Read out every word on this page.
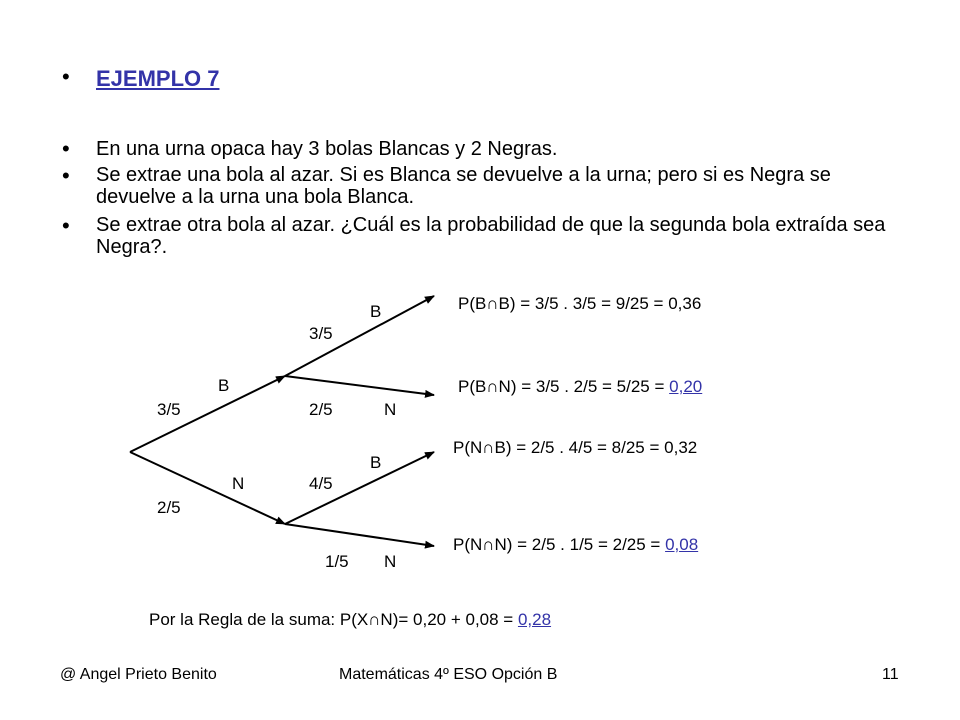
• EJEMPLO 7
• En una urna opaca hay 3 bolas Blancas y 2 Negras.
• Se extrae una bola al azar. Si es Blanca se devuelve a la urna; pero si es Negra se devuelve a la urna una bola Blanca.
• Se extrae otra bola al azar. ¿Cuál es la probabilidad de que la segunda bola extraída sea Negra?.
B
3/5
N
2/5
B
3/5
2/5	N
B
4/5
1/5 N
P(B∩B) = 3/5 . 3/5 = 9/25 = 0,36
P(B∩N) = 3/5 . 2/5 = 5/25 = 0,20
P(N∩B) = 2/5 . 4/5 = 8/25 = 0,32
P(N∩N) = 2/5 . 1/5 = 2/25 = 0,08
Por la Regla de la suma: P(X∩N)= 0,20 + 0,08 = 0,28
@ Angel Prieto Benito	Matemáticas 4º ESO Opción B	11
